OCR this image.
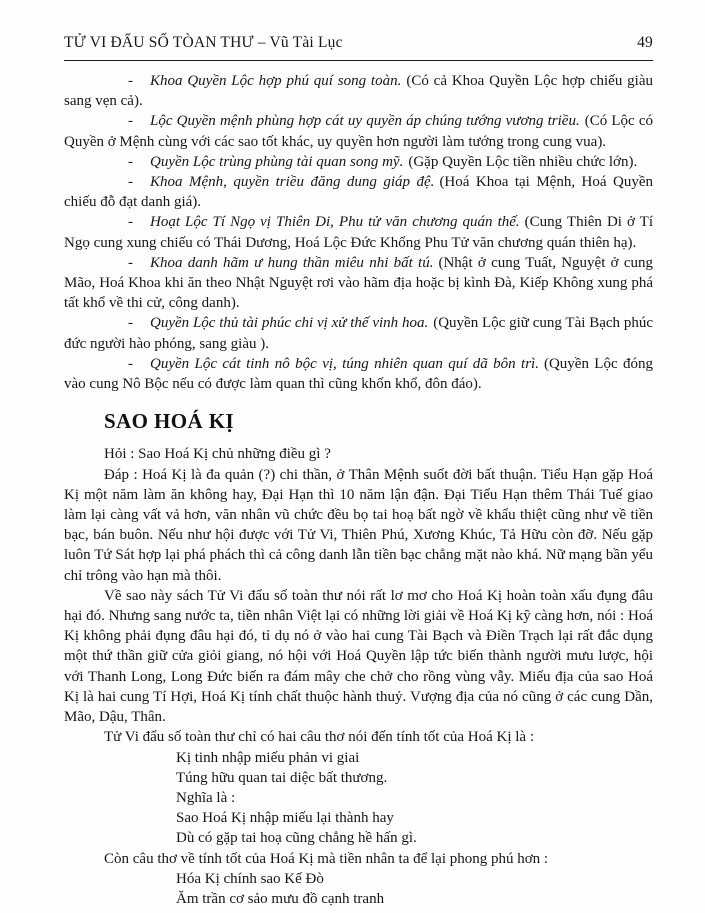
TỬ VI ĐẨU SỐ TÒAN THƯ – Vũ Tài Lục	49

- Khoa Quyền Lộc hợp phú quí song toàn. (Có cả Khoa Quyền Lộc hợp chiếu giàu sang vẹn cả).

- Lộc Quyền mệnh phùng hợp cát uy quyền áp chúng tướng vương triều. (Có Lộc có Quyền ở Mệnh cùng với các sao tốt khác, uy quyền hơn người làm tướng trong cung vua).

- Quyền Lộc trùng phùng tài quan song mỹ. (Gặp Quyền Lộc tiền nhiều chức lớn).

- Khoa Mệnh, quyền triều đăng dung giáp đệ. (Hoá Khoa tại Mệnh, Hoá Quyền chiếu đỗ đạt danh giá).

- Hoạt Lộc Tí Ngọ vị Thiên Di, Phu tử văn chương quán thế. (Cung Thiên Di ở Tí Ngọ cung xung chiếu có Thái Dương, Hoá Lộc Đức Khổng Phu Tử văn chương quán thiên hạ).

- Khoa danh hãm ư hung thần miêu nhi bất tú. (Nhật ở cung Tuất, Nguyệt ở cung Mão, Hoá Khoa khi ăn theo Nhật Nguyệt rơi vào hãm địa hoặc bị kình Đà, Kiếp Không xung phá tất khổ về thi cử, công danh).

- Quyền Lộc thủ tài phúc chi vị xử thế vinh hoa. (Quyền Lộc giữ cung Tài Bạch phúc đức người hào phóng, sang giàu ).

- Quyền Lộc cát tinh nô bộc vị, túng nhiên quan quí dã bôn trì. (Quyền Lộc đóng vào cung Nô Bộc nếu có được làm quan thì cũng khốn khổ, đôn đáo).

SAO HOÁ KỊ

Hỏi : Sao Hoá Kị chủ những điều gì ?

Đáp : Hoá Kị là đa quản (?) chi thần, ở Thân Mệnh suốt đời bất thuận. Tiểu Hạn gặp Hoá Kị một năm làm ăn không hay, Đại Hạn thì 10 năm lận đận. Đại Tiểu Hạn thêm Thái Tuế giao làm lại càng vất vả hơn, văn nhân vũ chức đều bọ tai hoạ bất ngờ về khẩu thiệt cũng như về tiền bạc, bán buôn. Nếu như hội được với Tử Vi, Thiên Phú, Xương Khúc, Tả Hữu còn đỡ. Nếu gặp luôn Tứ Sát hợp lại phá phách thì cả công danh lẫn tiền bạc chẳng mặt nào khá. Nữ mạng bần yểu chỉ trông vào hạn mà thôi.

Về sao này sách Tử Vi đẩu số toàn thư nói rất lơ mơ cho Hoá Kị hoàn toàn xấu đụng đâu hại đó. Nhưng sang nước ta, tiền nhân Việt lại có những lời giải về Hoá Kị kỹ càng hơn, nói : Hoá Kị không phải đụng đâu hại đó, tỉ dụ nó ở vào hai cung Tài Bạch và Điền Trạch lại rất đắc dụng một thứ thần giữ cửa giỏi giang, nó hội với Hoá Quyền lập tức biến thành người mưu lược, hội với Thanh Long, Long Đức biến ra đám mây che chở cho rồng vùng vẫy. Miếu địa của sao Hoá Kị là hai cung Tí Hợi, Hoá Kị tính chất thuộc hành thuỷ. Vượng địa của nó cũng ở các cung Dần, Mão, Dậu, Thân.

Tử Vi đẩu số toàn thư chỉ có hai câu thơ nói đến tính tốt của Hoá Kị là :

Kị tinh nhập miếu phản vi giai
Túng hữu quan tai diệc bất thương.
Nghĩa là :
Sao Hoá Kị nhập miếu lại thành hay
Dù có gặp tai hoạ cũng chẳng hề hấn gì.

Còn câu thơ về tính tốt của Hoá Kị mà tiền nhân ta để lại phong phú hơn :

Hóa Kị chính sao Kế Đò
Ăm trần cơ sảo mưu đồ cạnh tranh
